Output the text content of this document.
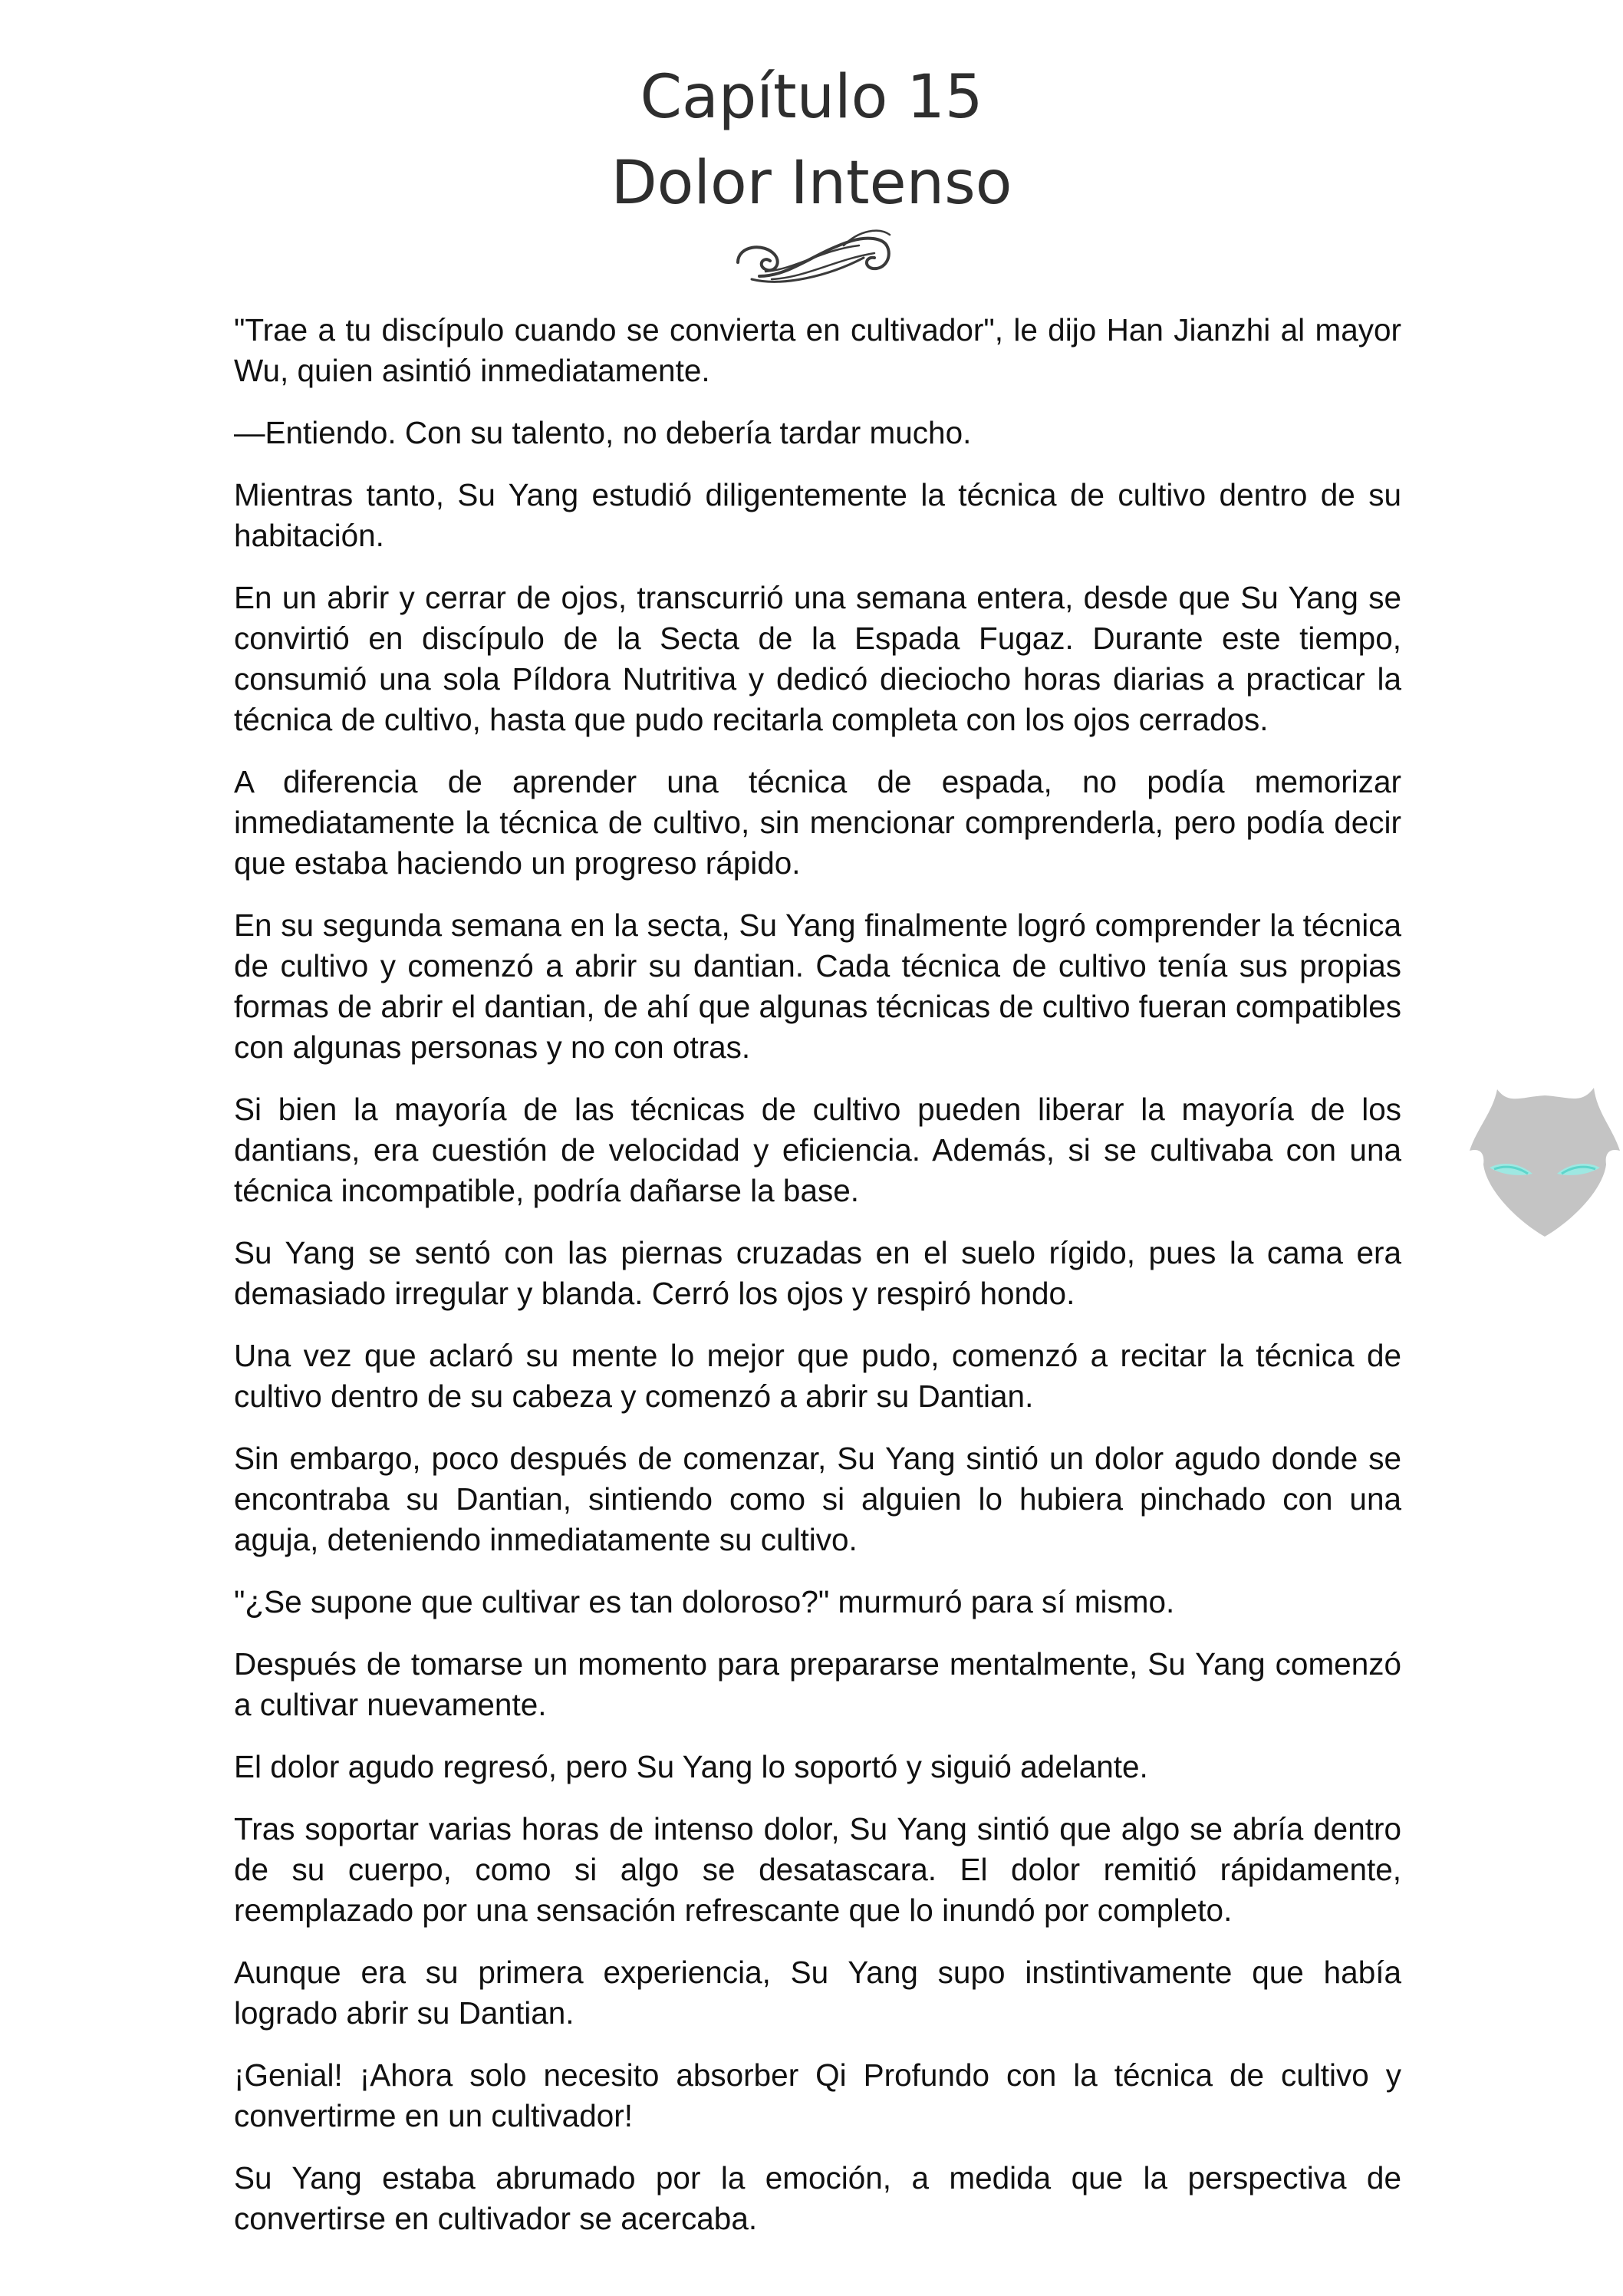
Capítulo 15
Dolor Intenso

"Trae a tu discípulo cuando se convierta en cultivador", le dijo Han Jianzhi al mayor Wu, quien asintió inmediatamente.

—Entiendo. Con su talento, no debería tardar mucho.

Mientras tanto, Su Yang estudió diligentemente la técnica de cultivo dentro de su habitación.

En un abrir y cerrar de ojos, transcurrió una semana entera, desde que Su Yang se convirtió en discípulo de la Secta de la Espada Fugaz. Durante este tiempo, consumió una sola Píldora Nutritiva y dedicó dieciocho horas diarias a practicar la técnica de cultivo, hasta que pudo recitarla completa con los ojos cerrados.

A diferencia de aprender una técnica de espada, no podía memorizar inmediatamente la técnica de cultivo, sin mencionar comprenderla, pero podía decir que estaba haciendo un progreso rápido.

En su segunda semana en la secta, Su Yang finalmente logró comprender la técnica de cultivo y comenzó a abrir su dantian. Cada técnica de cultivo tenía sus propias formas de abrir el dantian, de ahí que algunas técnicas de cultivo fueran compatibles con algunas personas y no con otras.

Si bien la mayoría de las técnicas de cultivo pueden liberar la mayoría de los dantians, era cuestión de velocidad y eficiencia. Además, si se cultivaba con una técnica incompatible, podría dañarse la base.

Su Yang se sentó con las piernas cruzadas en el suelo rígido, pues la cama era demasiado irregular y blanda. Cerró los ojos y respiró hondo.

Una vez que aclaró su mente lo mejor que pudo, comenzó a recitar la técnica de cultivo dentro de su cabeza y comenzó a abrir su Dantian.

Sin embargo, poco después de comenzar, Su Yang sintió un dolor agudo donde se encontraba su Dantian, sintiendo como si alguien lo hubiera pinchado con una aguja, deteniendo inmediatamente su cultivo.

"¿Se supone que cultivar es tan doloroso?" murmuró para sí mismo.

Después de tomarse un momento para prepararse mentalmente, Su Yang comenzó a cultivar nuevamente.

El dolor agudo regresó, pero Su Yang lo soportó y siguió adelante.

Tras soportar varias horas de intenso dolor, Su Yang sintió que algo se abría dentro de su cuerpo, como si algo se desatascara. El dolor remitió rápidamente, reemplazado por una sensación refrescante que lo inundó por completo.

Aunque era su primera experiencia, Su Yang supo instintivamente que había logrado abrir su Dantian.

¡Genial! ¡Ahora solo necesito absorber Qi Profundo con la técnica de cultivo y convertirme en un cultivador!

Su Yang estaba abrumado por la emoción, a medida que la perspectiva de convertirse en cultivador se acercaba.
